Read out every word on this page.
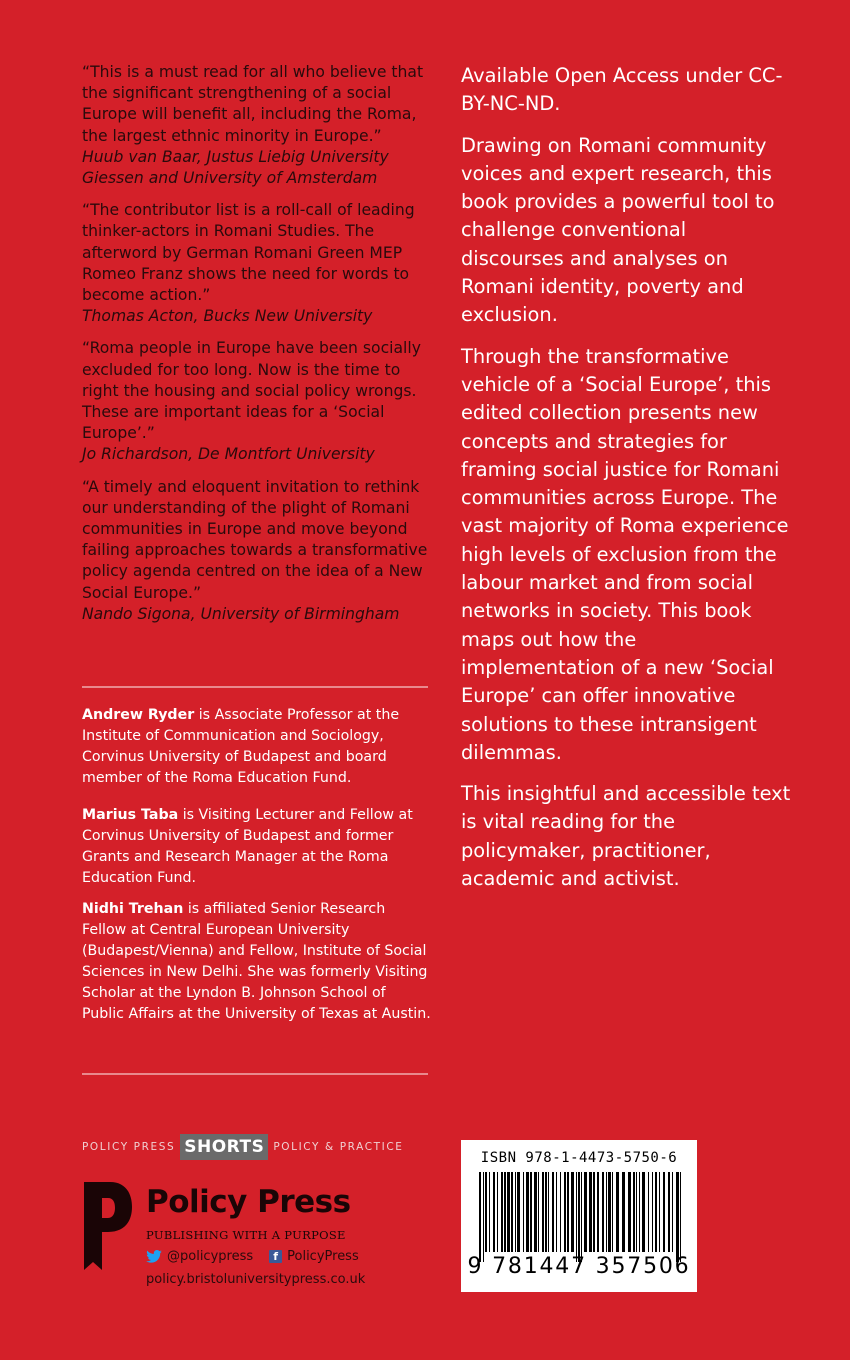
“This is a must read for all who believe that the significant strengthening of a social Europe will benefit all, including the Roma, the largest ethnic minority in Europe.”

Huub van Baar, Justus Liebig University Giessen and University of Amsterdam

“The contributor list is a roll-call of leading thinker-actors in Romani Studies. The afterword by German Romani Green MEP Romeo Franz shows the need for words to become action.”

Thomas Acton, Bucks New University

“Roma people in Europe have been socially excluded for too long. Now is the time to right the housing and social policy wrongs. These are important ideas for a ‘Social Europe’.”

Jo Richardson, De Montfort University

“A timely and eloquent invitation to rethink our understanding of the plight of Romani communities in Europe and move beyond failing approaches towards a transformative policy agenda centred on the idea of a New Social Europe.”

Nando Sigona, University of Birmingham

Andrew Ryder is Associate Professor at the Institute of Communication and Sociology, Corvinus University of Budapest and board member of the Roma Education Fund.

Marius Taba is Visiting Lecturer and Fellow at Corvinus University of Budapest and former Grants and Research Manager at the Roma Education Fund.

Nidhi Trehan is affiliated Senior Research Fellow at Central European University (Budapest/Vienna) and Fellow, Institute of Social Sciences in New Delhi. She was formerly Visiting Scholar at the Lyndon B. Johnson School of Public Affairs at the University of Texas at Austin.

Available Open Access under CC-BY-NC-ND.

Drawing on Romani community voices and expert research, this book provides a powerful tool to challenge conventional discourses and analyses on Romani identity, poverty and exclusion.

Through the transformative vehicle of a ‘Social Europe’, this edited collection presents new concepts and strategies for framing social justice for Romani communities across Europe. The vast majority of Roma experience high levels of exclusion from the labour market and from social networks in society. This book maps out how the implementation of a new ‘Social Europe’ can offer innovative solutions to these intransigent dilemmas.

This insightful and accessible text is vital reading for the policymaker, practitioner, academic and activist.

POLICY PRESS SHORTS POLICY & PRACTICE
Policy Press
PUBLISHING WITH A PURPOSE
@policypress	f PolicyPress
policy.bristoluniversitypress.co.uk
ISBN 978-1-4473-5750-6
9 781447 357506
